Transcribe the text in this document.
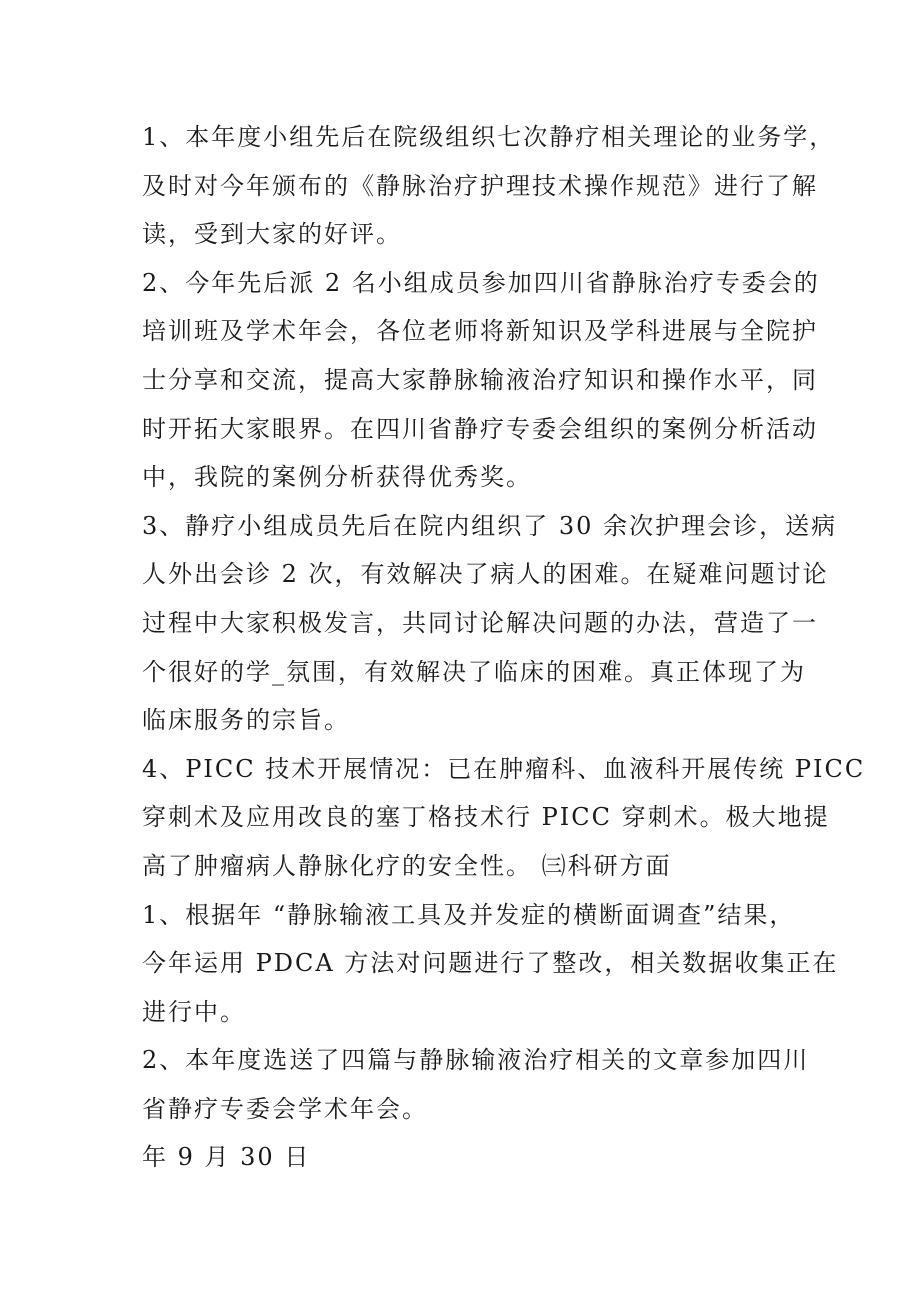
1、本年度小组先后在院级组织七次静疗相关理论的业务学，
及时对今年颁布的《静脉治疗护理技术操作规范》进行了解
读，受到大家的好评。
2、今年先后派 2 名小组成员参加四川省静脉治疗专委会的
培训班及学术年会，各位老师将新知识及学科进展与全院护
士分享和交流，提高大家静脉输液治疗知识和操作水平，同
时开拓大家眼界。在四川省静疗专委会组织的案例分析活动
中，我院的案例分析获得优秀奖。
3、静疗小组成员先后在院内组织了 30 余次护理会诊，送病
人外出会诊 2 次，有效解决了病人的困难。在疑难问题讨论
过程中大家积极发言，共同讨论解决问题的办法，营造了一
个很好的学_氛围，有效解决了临床的困难。真正体现了为
临床服务的宗旨。
4、PICC 技术开展情况：已在肿瘤科、血液科开展传统 PICC
穿刺术及应用改良的塞丁格技术行 PICC 穿刺术。极大地提
高了肿瘤病人静脉化疗的安全性。 ㈢科研方面
1、根据年 “静脉输液工具及并发症的横断面调查”结果，
今年运用 PDCA 方法对问题进行了整改，相关数据收集正在
进行中。
2、本年度选送了四篇与静脉输液治疗相关的文章参加四川
省静疗专委会学术年会。
年 9 月 30 日
